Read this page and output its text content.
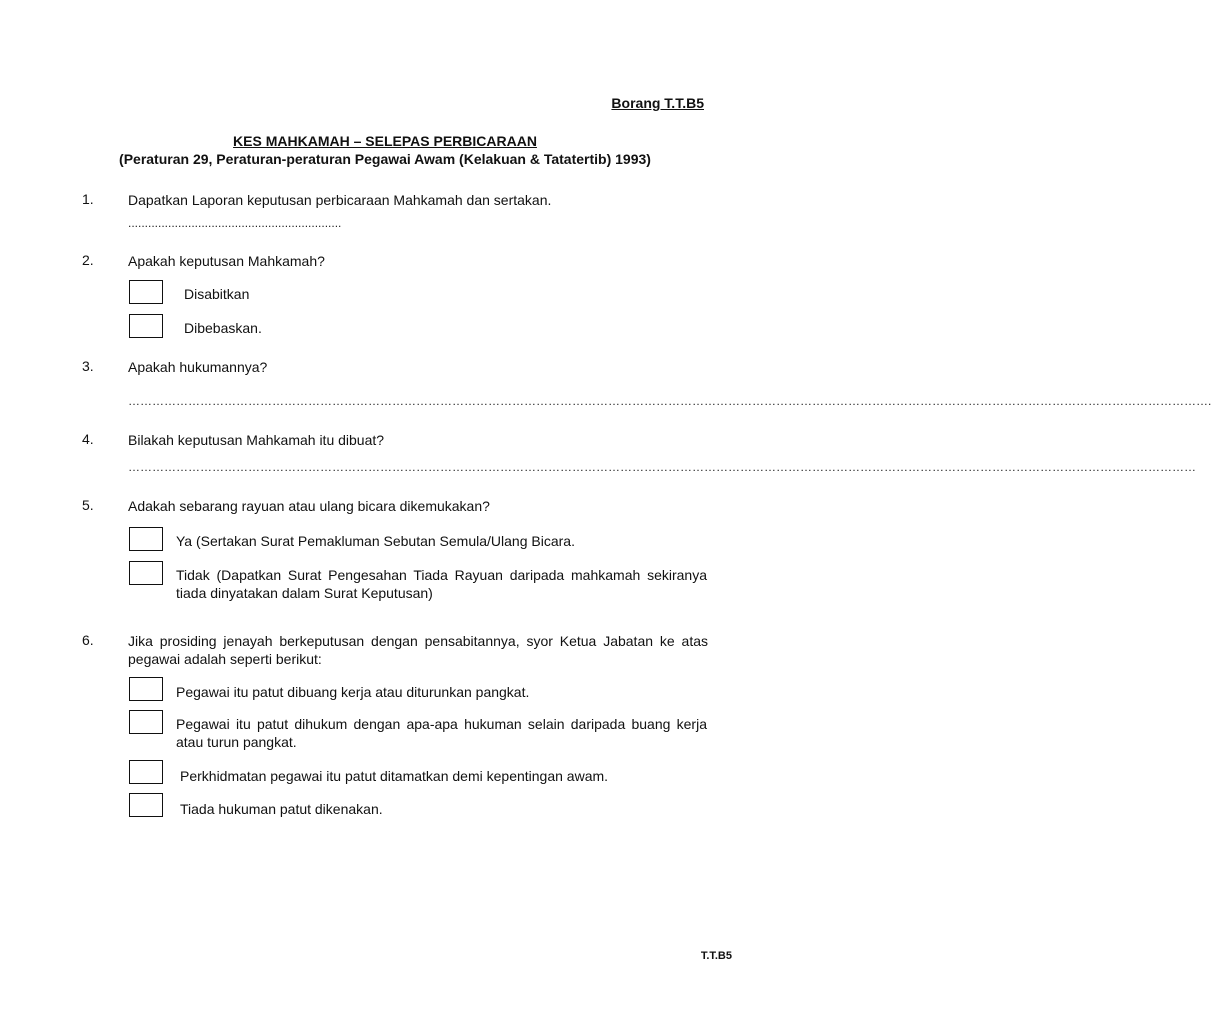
Borang T.T.B5
KES MAHKAMAH – SELEPAS PERBICARAAN
(Peraturan 29, Peraturan-peraturan Pegawai Awam (Kelakuan & Tatatertib) 1993)
1. Dapatkan Laporan keputusan perbicaraan Mahkamah dan sertakan.
................................................................
2. Apakah keputusan Mahkamah?
Disabitkan
Dibebaskan.
3. Apakah hukumannya?
……………………………………………………………………………………………………………………………………………………………………………………………………………………………………………….
4. Bilakah keputusan Mahkamah itu dibuat?
……………………………………………………………………………………………………………………………………………………………………………………………………………………………………………
5. Adakah sebarang rayuan atau ulang bicara dikemukakan?
Ya (Sertakan Surat Pemakluman Sebutan Semula/Ulang Bicara.
Tidak (Dapatkan Surat Pengesahan Tiada Rayuan daripada mahkamah sekiranya tiada dinyatakan dalam Surat Keputusan)
6. Jika prosiding jenayah berkeputusan dengan pensabitannya, syor Ketua Jabatan ke atas pegawai adalah seperti berikut:
Pegawai itu patut dibuang kerja atau diturunkan pangkat.
Pegawai itu patut dihukum dengan apa-apa hukuman selain daripada buang kerja atau turun pangkat.
Perkhidmatan pegawai itu patut ditamatkan demi kepentingan awam.
Tiada hukuman patut dikenakan.
T.T.B5
